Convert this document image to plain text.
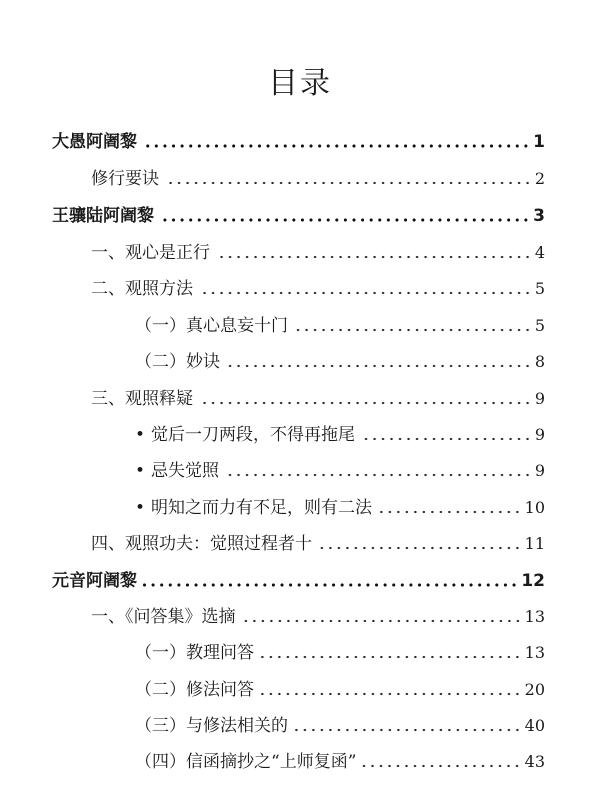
目录
大愚阿阇黎	1
修行要诀	2
王骧陆阿阇黎	3
一、观心是正行	4
二、观照方法	5
（一）真心息妄十门	5
（二）妙诀	8
三、观照释疑	9
• 觉后一刀两段，不得再拖尾	9
• 忌失觉照	9
• 明知之而力有不足，则有二法	10
四、观照功夫：觉照过程者十	11
元音阿阇黎	12
一、《问答集》选摘	13
（一）教理问答	13
（二）修法问答	20
（三）与修法相关的	40
（四）信函摘抄之“上师复函”	43
